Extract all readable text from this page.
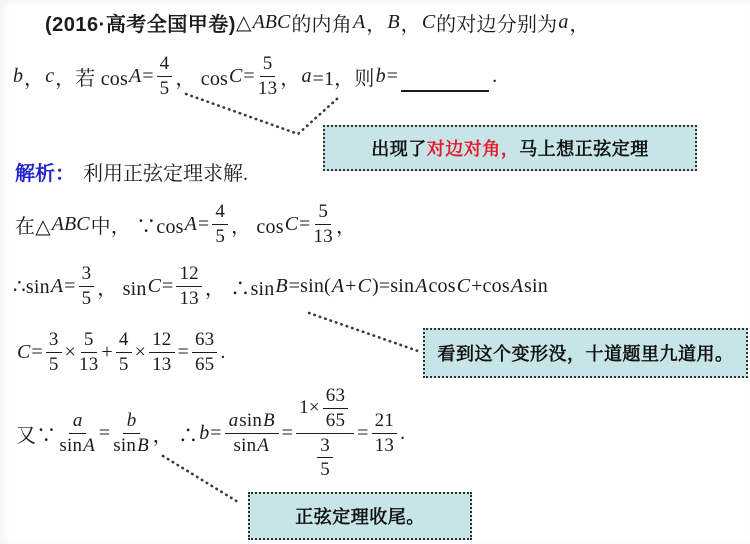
(2016·高考全国甲卷) △ ABC 的内角 A ， B ， C 的对边分别为 a ，
b ， c ，若 $\cos A = \frac{4}{5}$ ， $\cos C = \frac{5}{13}$ ， a =1，则 b =	.
出现了 对边对角， 马上想正弦定理
解析： 利用正弦定理求解.
在△ ABC 中， ∵cos $A = \frac{4}{5}$ ， $\cos C = \frac{5}{13}$ ，
∴sin $A = \frac{3}{5}$ ， $\sin C = \frac{12}{13}$ ， ∴sin B =sin( A + C )=sin A cos C +cos A sin
$C = \frac{3}{5} \times \frac{5}{13} + \frac{4}{5} \times \frac{12}{13} = \frac{63}{65}$ .	看到这个变形没，十道题里九道用。
又∵ $\frac{a}{\text{sin A}} = \frac{b}{\text{sin B}}$ ， ∴ $b = \frac{\text{a sin B}}{\text{sin A}} = \frac{1\times \frac{63}{65}}{\frac{3}{5}} = \frac{21}{13}$ .
正弦定理收尾。
